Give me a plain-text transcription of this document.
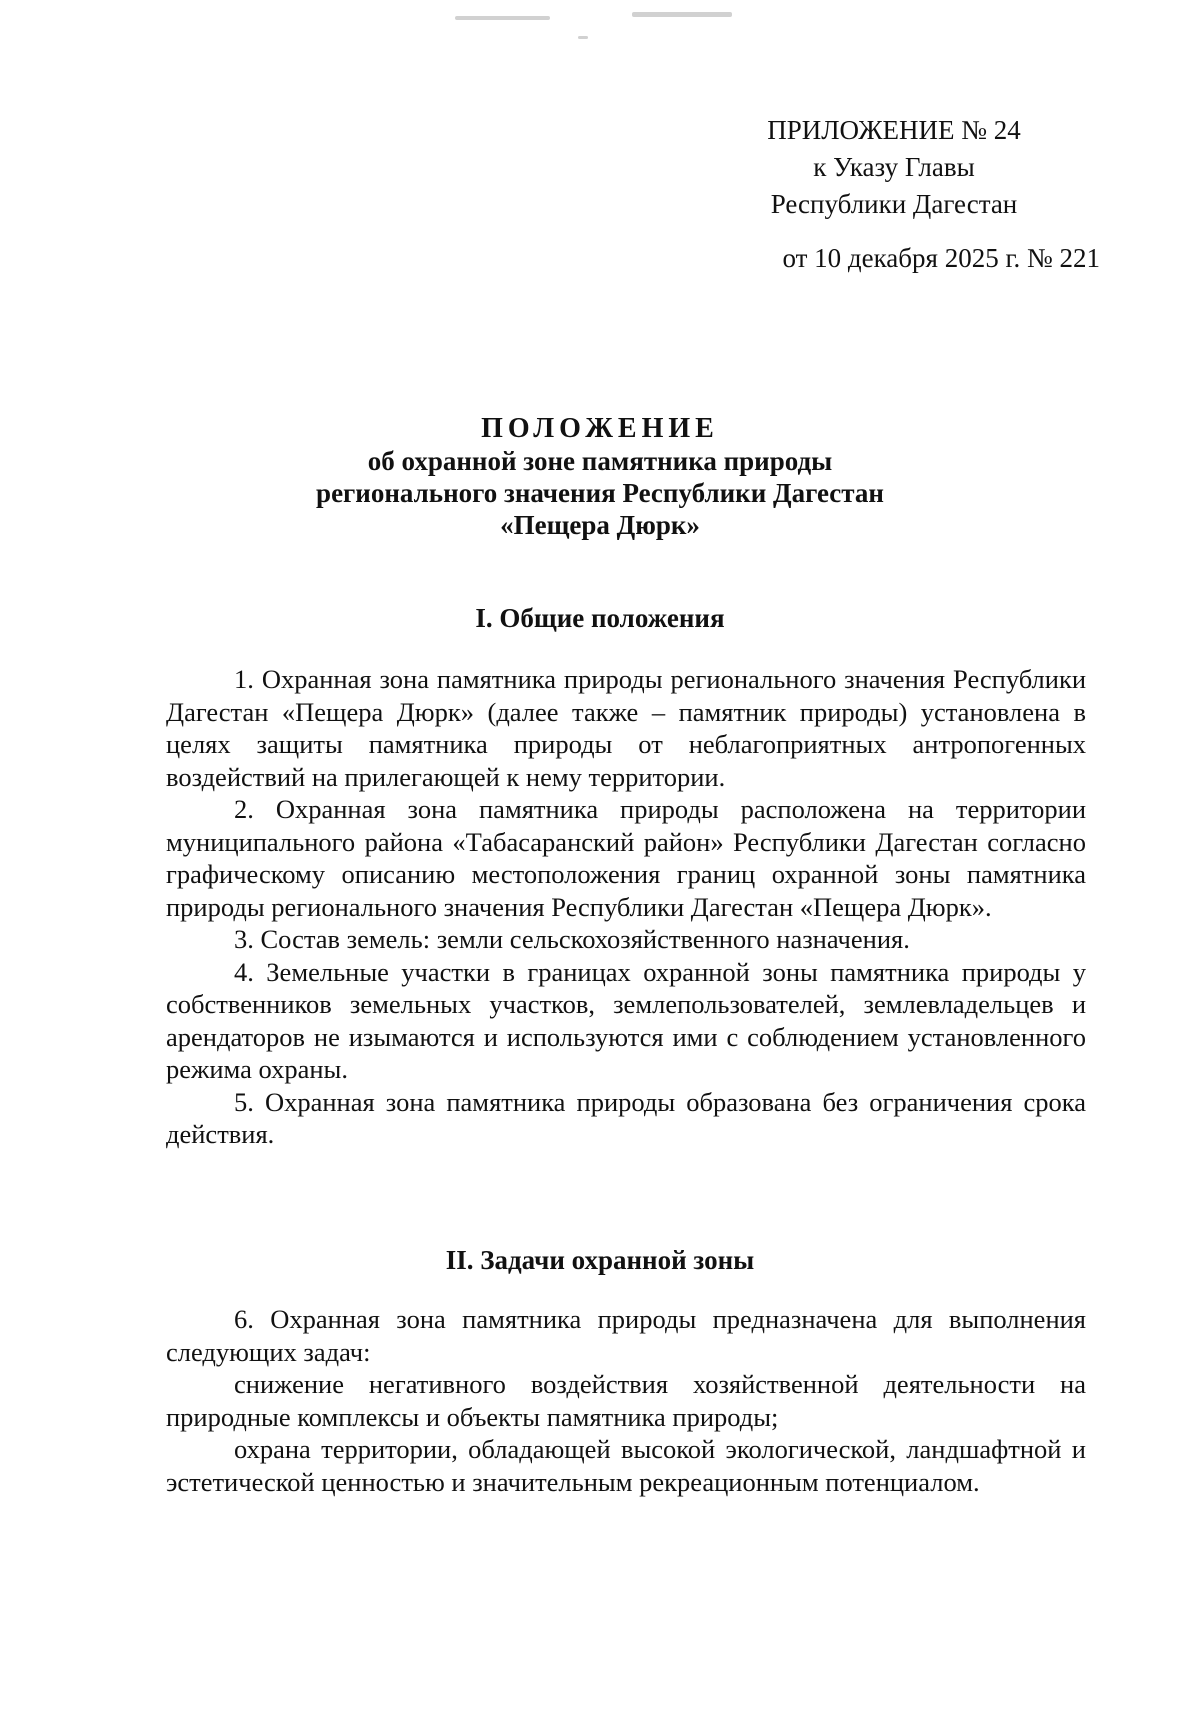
ПРИЛОЖЕНИЕ № 24
к Указу Главы
Республики Дагестан
от 10 декабря 2025 г. № 221
ПОЛОЖЕНИЕ
об охранной зоне памятника природы
регионального значения Республики Дагестан
«Пещера Дюрк»
I. Общие положения

1. Охранная зона памятника природы регионального значения Республики Дагестан «Пещера Дюрк» (далее также – памятник природы) установлена в целях защиты памятника природы от неблагоприятных антропогенных воздействий на прилегающей к нему территории.

2. Охранная зона памятника природы расположена на территории муниципального района «Табасаранский район» Республики Дагестан согласно графическому описанию местоположения границ охранной зоны памятника природы регионального значения Республики Дагестан «Пещера Дюрк».

3. Состав земель: земли сельскохозяйственного назначения.

4. Земельные участки в границах охранной зоны памятника природы у собственников земельных участков, землепользователей, землевладельцев и арендаторов не изымаются и используются ими с соблюдением установленного режима охраны.

5. Охранная зона памятника природы образована без ограничения срока действия.

II. Задачи охранной зоны

6. Охранная зона памятника природы предназначена для выполнения следующих задач:

снижение негативного воздействия хозяйственной деятельности на природные комплексы и объекты памятника природы;

охрана территории, обладающей высокой экологической, ландшафтной и эстетической ценностью и значительным рекреационным потенциалом.
